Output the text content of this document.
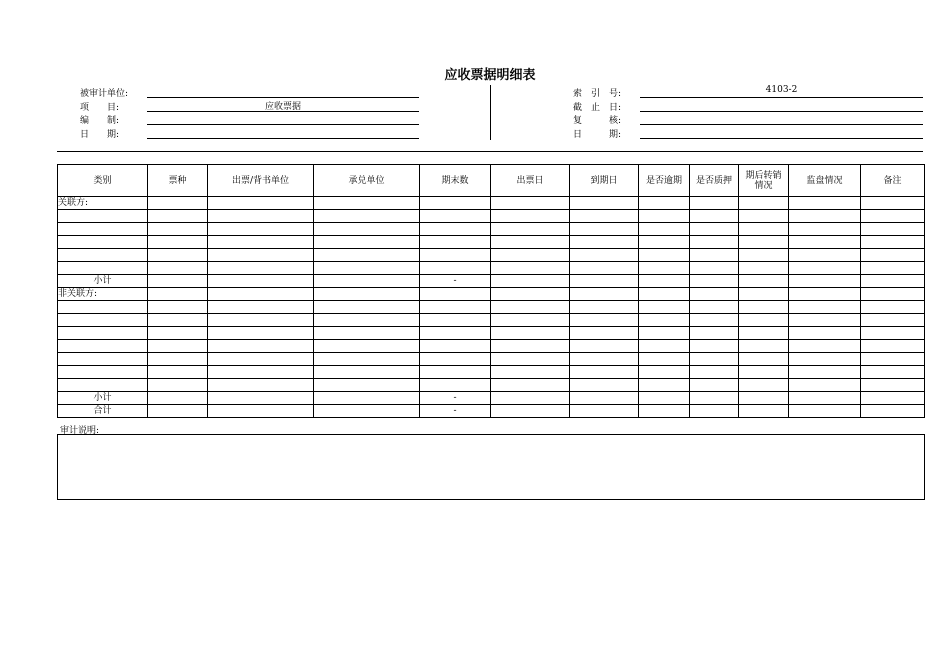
应收票据明细表
被审计单位:
项　　目:	应收票据
编　　制:
日　　期:
索　引　号:	4103-2
截　止　日:
复　　　核:
日　　　期:
类别	票种	出票/背书单位	承兑单位	期末数	出票日	到期日	是否逾期	是否质押	期后转销情况	监盘情况	备注
关联方:											

小计				-							
非关联方:											

小计				-							
合计				-							
审计说明:
